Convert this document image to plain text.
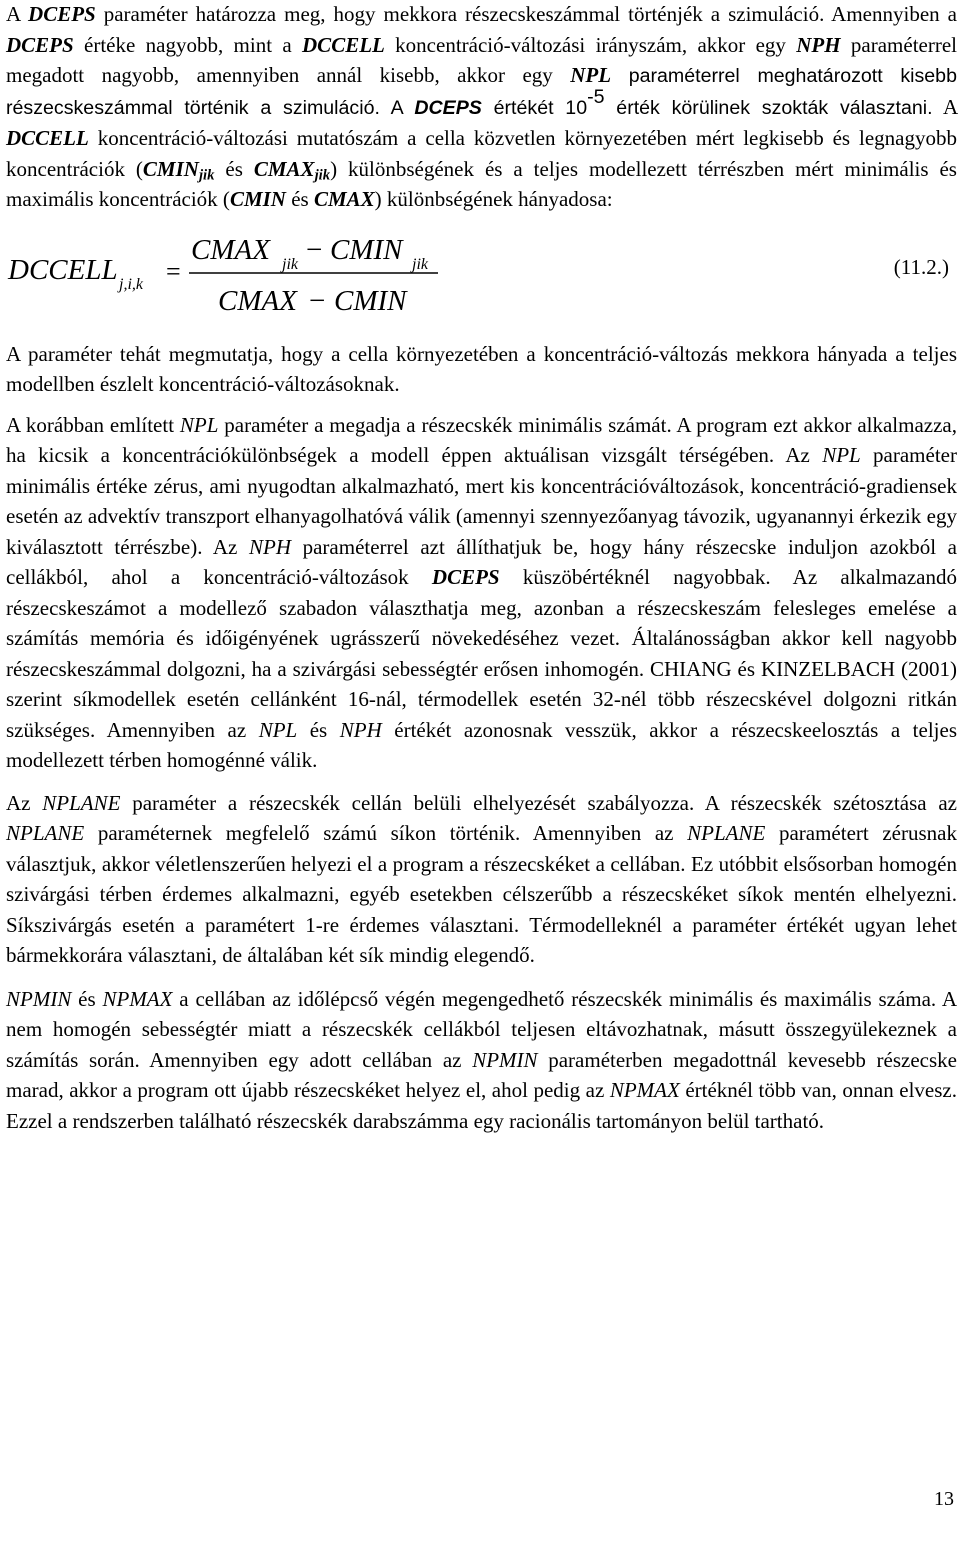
A DCEPS paraméter határozza meg, hogy mekkora részecskeszámmal történjék a szimuláció. Amennyiben a DCEPS értéke nagyobb, mint a DCCELL koncentráció-változási irányszám, akkor egy NPH paraméterrel megadott nagyobb, amennyiben annál kisebb, akkor egy NPL paraméterrel meghatározott kisebb részecskeszámmal történik a szimuláció. A DCEPS értékét $10^{-5}$ érték körülinek szokták választani. A DCCELL koncentráció-változási mutatószám a cella közvetlen környezetében mért legkisebb és legnagyobb koncentrációk ($CMIN_{jik}$ és $CMAX_{jik}$) különbségének és a teljes modellezett térrészben mért minimális és maximális koncentrációk (CMIN és CMAX) különbségének hányadosa:

DCCELL j,i,k =
CMAX jik − CMIN jik
CMAX − CMIN
(11.2.)

A paraméter tehát megmutatja, hogy a cella környezetében a koncentráció-változás mekkora hányada a teljes modellben észlelt koncentráció-változásoknak.

A korábban említett NPL paraméter a megadja a részecskék minimális számát. A program ezt akkor alkalmazza, ha kicsik a koncentrációkülönbségek a modell éppen aktuálisan vizsgált térségében. Az NPL paraméter minimális értéke zérus, ami nyugodtan alkalmazható, mert kis koncentrációváltozások, koncentráció-gradiensek esetén az advektív transzport elhanyagolhatóvá válik (amennyi szennyezőanyag távozik, ugyanannyi érkezik egy kiválasztott térrészbe). Az NPH paraméterrel azt állíthatjuk be, hogy hány részecske induljon azokból a cellákból, ahol a koncentráció-változások DCEPS küszöbértéknél nagyobbak. Az alkalmazandó részecskeszámot a modellező szabadon választhatja meg, azonban a részecskeszám felesleges emelése a számítás memória és időigényének ugrásszerű növekedéséhez vezet. Általánosságban akkor kell nagyobb részecskeszámmal dolgozni, ha a szivárgási sebességtér erősen inhomogén. CHIANG és KINZELBACH (2001) szerint síkmodellek esetén cellánként 16-nál, térmodellek esetén 32-nél több részecskével dolgozni ritkán szükséges. Amennyiben az NPL és NPH értékét azonosnak vesszük, akkor a részecskeelosztás a teljes modellezett térben homogénné válik.

Az NPLANE paraméter a részecskék cellán belüli elhelyezését szabályozza. A részecskék szétosztása az NPLANE paraméternek megfelelő számú síkon történik. Amennyiben az NPLANE paramétert zérusnak választjuk, akkor véletlenszerűen helyezi el a program a részecskéket a cellában. Ez utóbbit elsősorban homogén szivárgási térben érdemes alkalmazni, egyéb esetekben célszerűbb a részecskéket síkok mentén elhelyezni. Síkszivárgás esetén a paramétert 1-re érdemes választani. Térmodelleknél a paraméter értékét ugyan lehet bármekkorára választani, de általában két sík mindig elegendő.

NPMIN és NPMAX a cellában az időlépcső végén megengedhető részecskék minimális és maximális száma. A nem homogén sebességtér miatt a részecskék cellákból teljesen eltávozhatnak, másutt összegyülekeznek a számítás során. Amennyiben egy adott cellában az NPMIN paraméterben megadottnál kevesebb részecske marad, akkor a program ott újabb részecskéket helyez el, ahol pedig az NPMAX értéknél több van, onnan elvesz. Ezzel a rendszerben található részecskék darabszámma egy racionális tartományon belül tartható.

13
